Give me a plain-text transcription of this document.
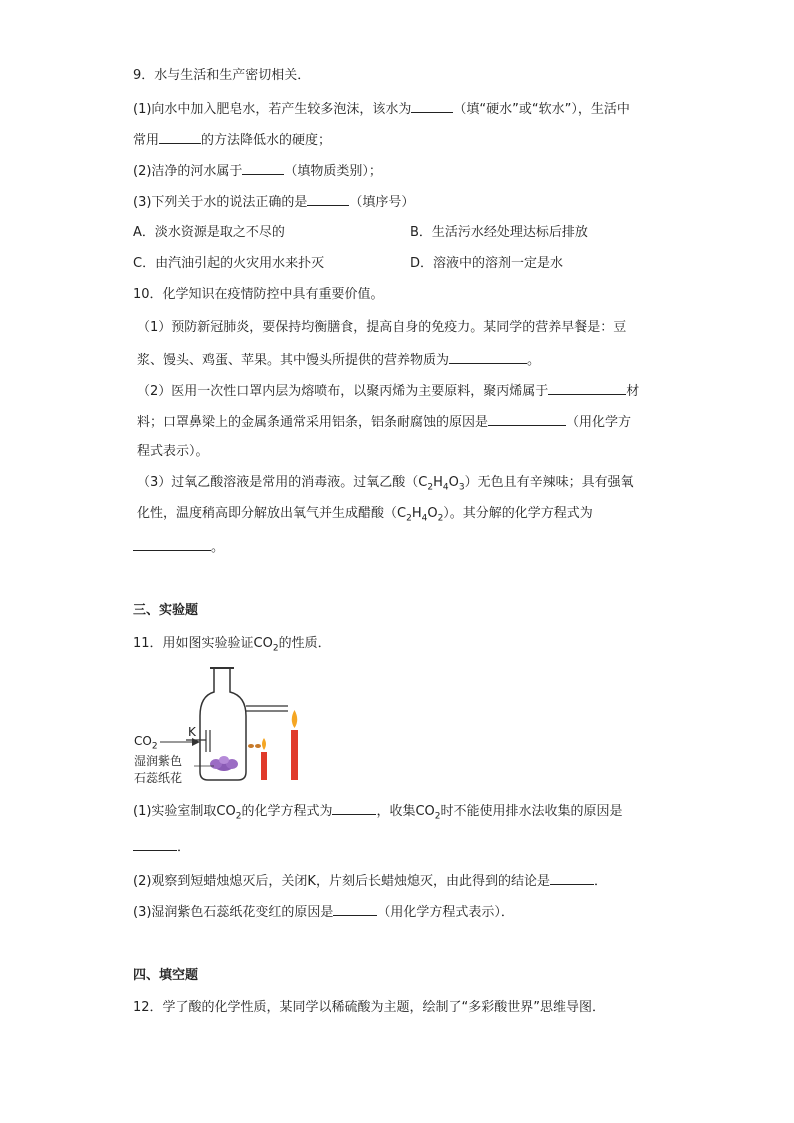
9．水与生活和生产密切相关．
(1)向水中加入肥皂水，若产生较多泡沫，该水为	（填“硬水”或“软水”），生活中
常用	的方法降低水的硬度；
(2)洁净的河水属于	（填物质类别）；
(3)下列关于水的说法正确的是	（填序号）
A．淡水资源是取之不尽的	B．生活污水经处理达标后排放
C．由汽油引起的火灾用水来扑灭	D．溶液中的溶剂一定是水
10．化学知识在疫情防控中具有重要价值。
（1）预防新冠肺炎，要保持均衡膳食，提高自身的免疫力。某同学的营养早餐是：豆
浆、馒头、鸡蛋、苹果。其中馒头所提供的营养物质为	。
（2）医用一次性口罩内层为熔喷布，以聚丙烯为主要原料，聚丙烯属于	材
料；口罩鼻梁上的金属条通常采用铝条，铝条耐腐蚀的原因是	（用化学方
程式表示）。
（3）过氧乙酸溶液是常用的消毒液。过氧乙酸$(C_2H_4O_3)$无色且有辛辣味；具有强氧
化性，温度稍高即分解放出氧气并生成醋酸$(C_2H_4O_2)$。其分解的化学方程式为
。
三、实验题
11．用如图实验验证$CO_2$的性质．
$CO_2$
K
湿润紫色
石蕊纸花
(1)实验室制取$CO_2$的化学方程式为	，收集$CO_2$时不能使用排水法收集的原因是
．
(2)观察到短蜡烛熄灭后，关闭K，片刻后长蜡烛熄灭，由此得到的结论是	．
(3)湿润紫色石蕊纸花变红的原因是	（用化学方程式表示）．
四、填空题
12．学了酸的化学性质，某同学以稀硫酸为主题，绘制了“多彩酸世界”思维导图．
